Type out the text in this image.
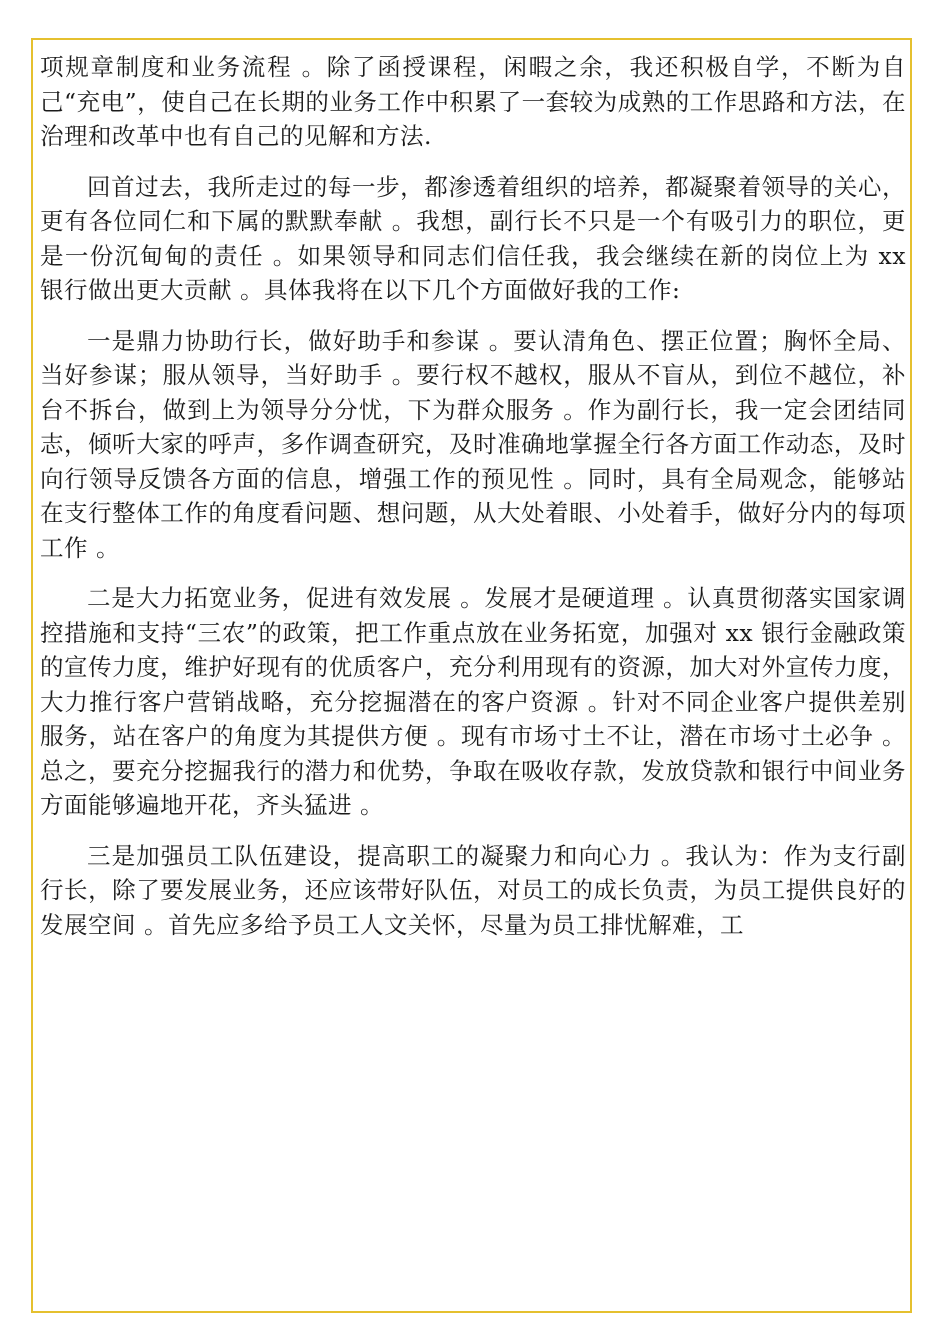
项规章制度和业务流程 。除了函授课程，闲暇之余，我还积极自学，不断为自己“充电”，使自己在长期的业务工作中积累了一套较为成熟的工作思路和方法，在治理和改革中也有自己的见解和方法.

回首过去，我所走过的每一步，都渗透着组织的培养，都凝聚着领导的关心，更有各位同仁和下属的默默奉献 。我想，副行长不只是一个有吸引力的职位，更是一份沉甸甸的责任 。如果领导和同志们信任我，我会继续在新的岗位上为 xx 银行做出更大贡献 。具体我将在以下几个方面做好我的工作:

一是鼎力协助行长，做好助手和参谋 。要认清角色、摆正位置；胸怀全局、当好参谋；服从领导，当好助手 。要行权不越权，服从不盲从，到位不越位，补台不拆台，做到上为领导分分忧，下为群众服务 。作为副行长，我一定会团结同志，倾听大家的呼声，多作调查研究，及时准确地掌握全行各方面工作动态，及时向行领导反馈各方面的信息，增强工作的预见性 。同时，具有全局观念，能够站在支行整体工作的角度看问题、想问题，从大处着眼、小处着手，做好分内的每项工作 。

二是大力拓宽业务，促进有效发展 。发展才是硬道理 。认真贯彻落实国家调控措施和支持“三农”的政策，把工作重点放在业务拓宽，加强对 xx 银行金融政策的宣传力度，维护好现有的优质客户，充分利用现有的资源，加大对外宣传力度，大力推行客户营销战略，充分挖掘潜在的客户资源 。针对不同企业客户提供差别服务，站在客户的角度为其提供方便 。现有市场寸土不让，潜在市场寸土必争 。总之，要充分挖掘我行的潜力和优势，争取在吸收存款，发放贷款和银行中间业务方面能够遍地开花，齐头猛进 。

三是加强员工队伍建设，提高职工的凝聚力和向心力 。我认为：作为支行副行长，除了要发展业务，还应该带好队伍，对员工的成长负责，为员工提供良好的发展空间 。首先应多给予员工人文关怀，尽量为员工排忧解难，工
